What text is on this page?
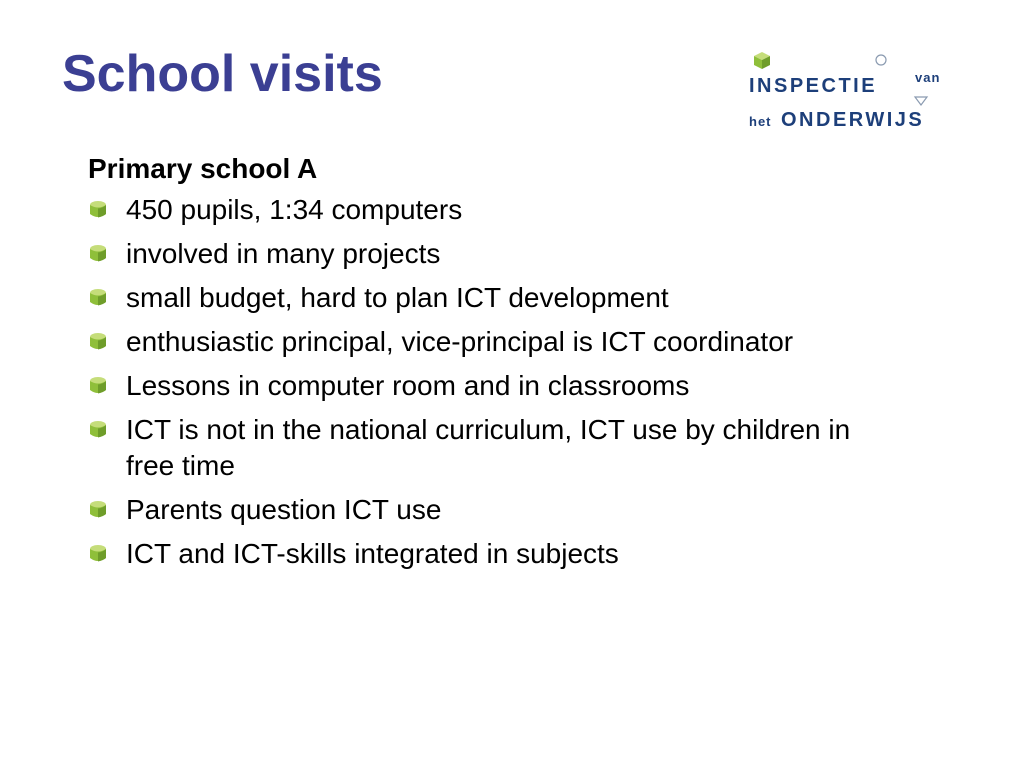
School visits	INSPECTIE	van
het ONDERWIJS

Primary school A

450 pupils, 1:34 computers
involved in many projects
small budget, hard to plan ICT development
enthusiastic principal, vice-principal is ICT coordinator
Lessons in computer room and in classrooms
ICT is not in the national curriculum, ICT use by children in free time
Parents question ICT use
ICT and ICT-skills integrated in subjects
